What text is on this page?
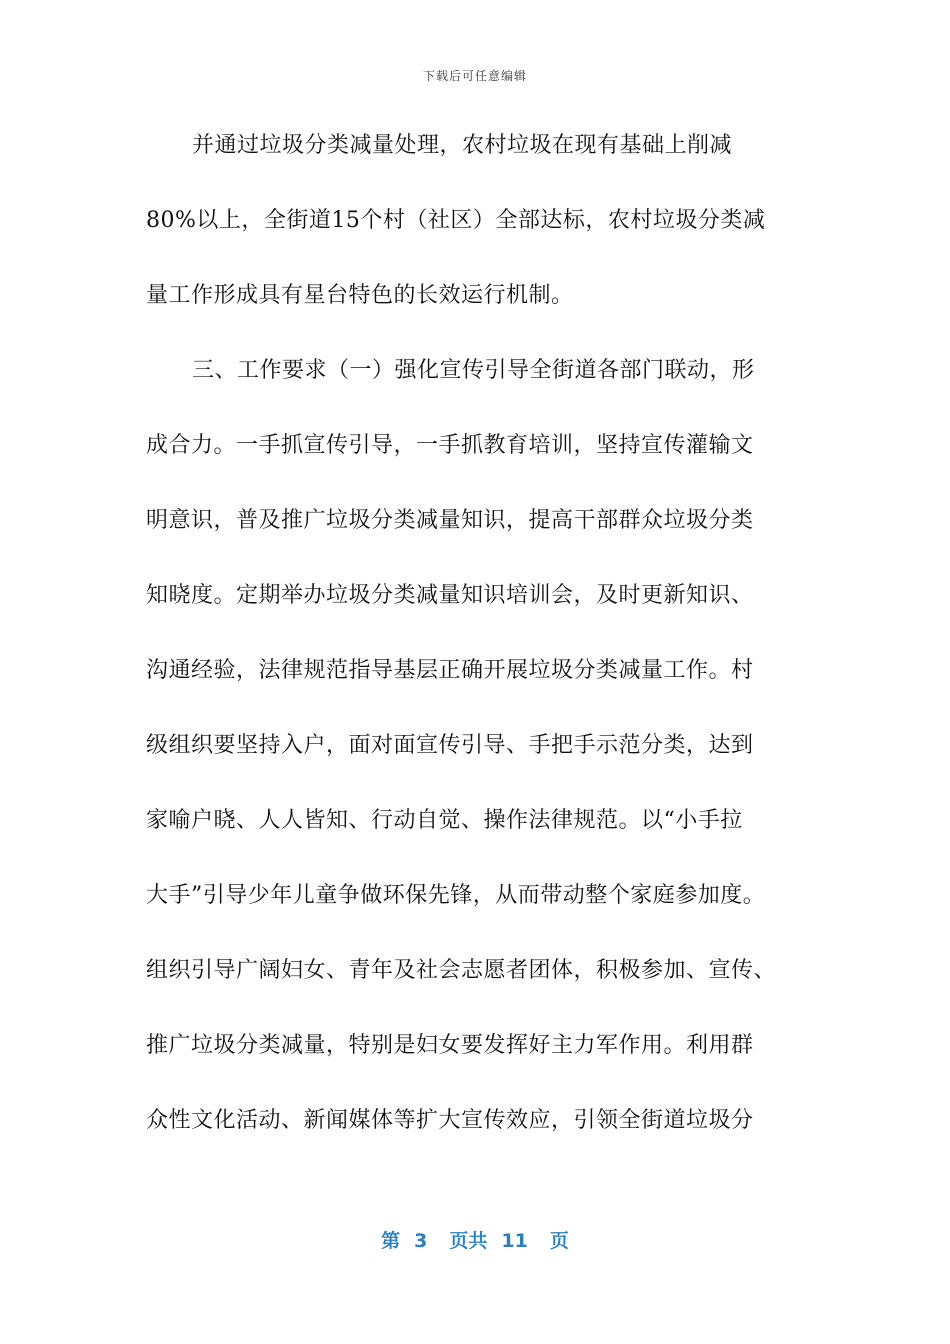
下载后可任意编辑
并通过垃圾分类减量处理，农村垃圾在现有基础上削减
80%以上，全街道15个村（社区）全部达标，农村垃圾分类减
量工作形成具有星台特色的长效运行机制。
三、工作要求（一）强化宣传引导全街道各部门联动，形
成合力。一手抓宣传引导，一手抓教育培训，坚持宣传灌输文
明意识，普及推广垃圾分类减量知识，提高干部群众垃圾分类
知晓度。定期举办垃圾分类减量知识培训会，及时更新知识、
沟通经验，法律规范指导基层正确开展垃圾分类减量工作。村
级组织要坚持入户，面对面宣传引导、手把手示范分类，达到
家喻户晓、人人皆知、行动自觉、操作法律规范。以“小手拉
大手”引导少年儿童争做环保先锋，从而带动整个家庭参加度。
组织引导广阔妇女、青年及社会志愿者团体，积极参加、宣传、
推广垃圾分类减量，特别是妇女要发挥好主力军作用。利用群
众性文化活动、新闻媒体等扩大宣传效应，引领全街道垃圾分
第 3 页共 11 页
